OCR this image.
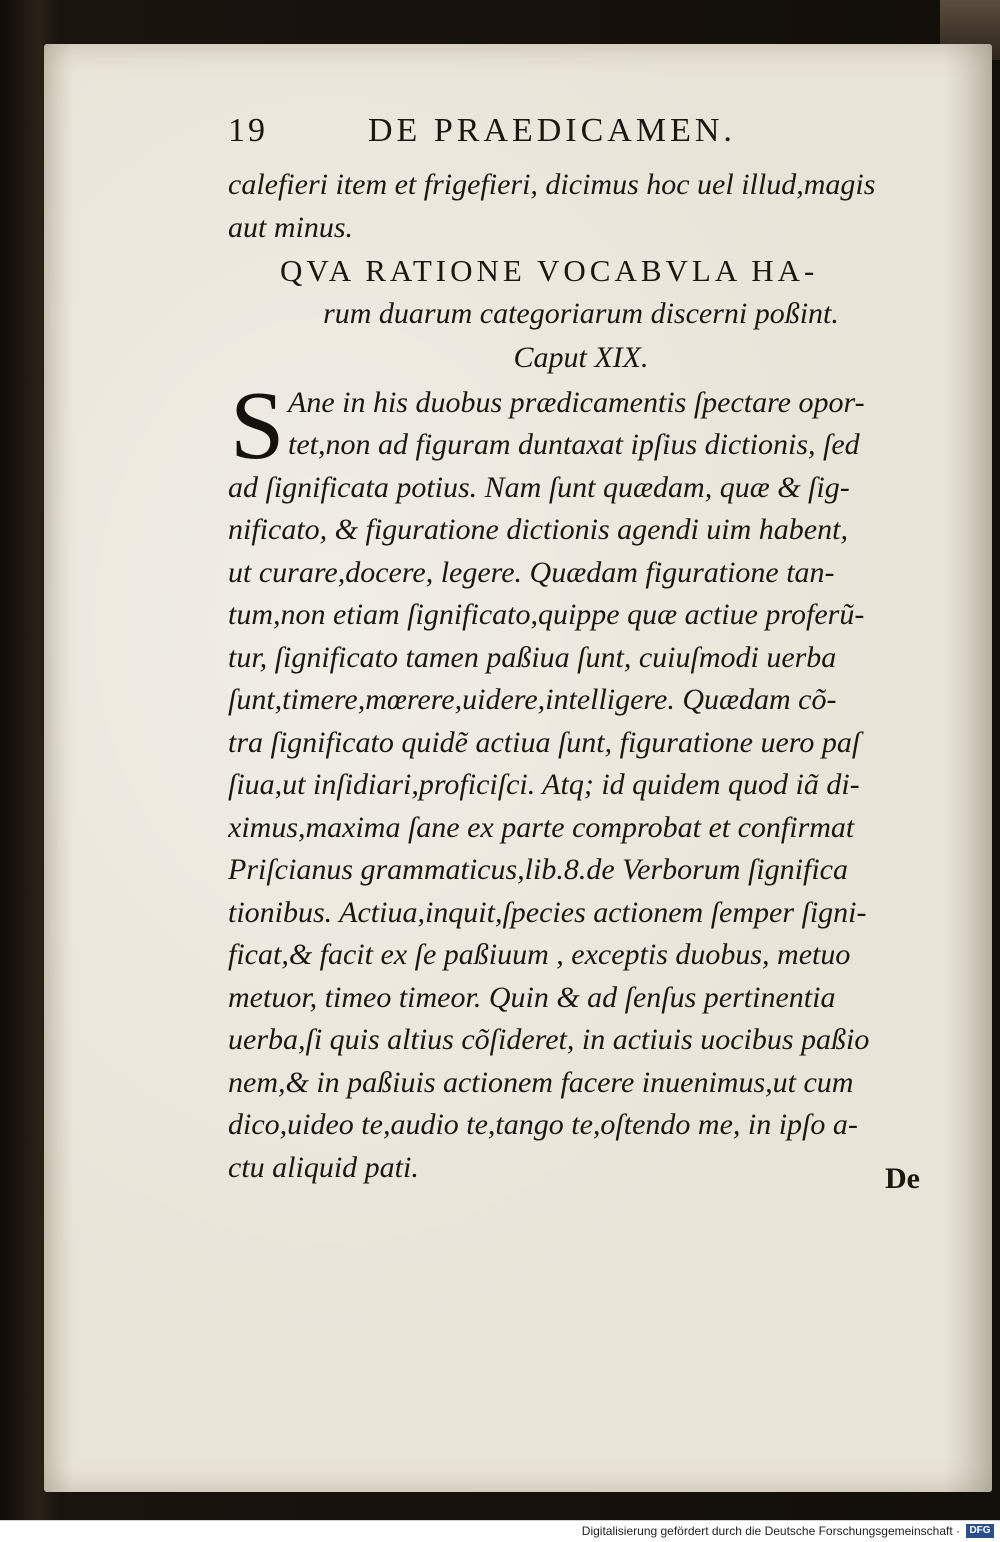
19	DE PRAEDICAMEN.
calefieri item et frigefieri, dicimus hoc uel illud,magis
aut minus.
QVA RATIONE VOCABVLA HA-
rum duarum categoriarum discerni poßint.
Caput XIX.
S Ane in his duobus prædicamentis ſpectare opor-
tet,non ad figuram duntaxat ipſius dictionis, ſed
ad ſignificata potius. Nam ſunt quædam, quæ & ſig-
nificato, & figuratione dictionis agendi uim habent,
ut curare,docere, legere. Quædam figuratione tan-
tum,non etiam ſignificato,quippe quæ actiue proferũ-
tur, ſignificato tamen paßiua ſunt, cuiuſmodi uerba
ſunt,timere,mœrere,uidere,intelligere. Quædam cõ-
tra ſignificato quidẽ actiua ſunt, figuratione uero paſ
ſiua,ut inſidiari,proficiſci. Atq; id quidem quod iã di-
ximus,maxima ſane ex parte comprobat et confirmat
Priſcianus grammaticus,lib.8.de Verborum ſignifica
tionibus. Actiua,inquit,ſpecies actionem ſemper ſigni-
ficat,& facit ex ſe paßiuum , exceptis duobus, metuo
metuor, timeo timeor. Quin & ad ſenſus pertinentia
uerba,ſi quis altius cõſideret, in actiuis uocibus paßio
nem,& in paßiuis actionem facere inuenimus,ut cum
dico,uideo te,audio te,tango te,oſtendo me, in ipſo a-
ctu aliquid pati.	De
Digitalisierung gefördert durch die Deutsche Forschungsgemeinschaft · DFG
